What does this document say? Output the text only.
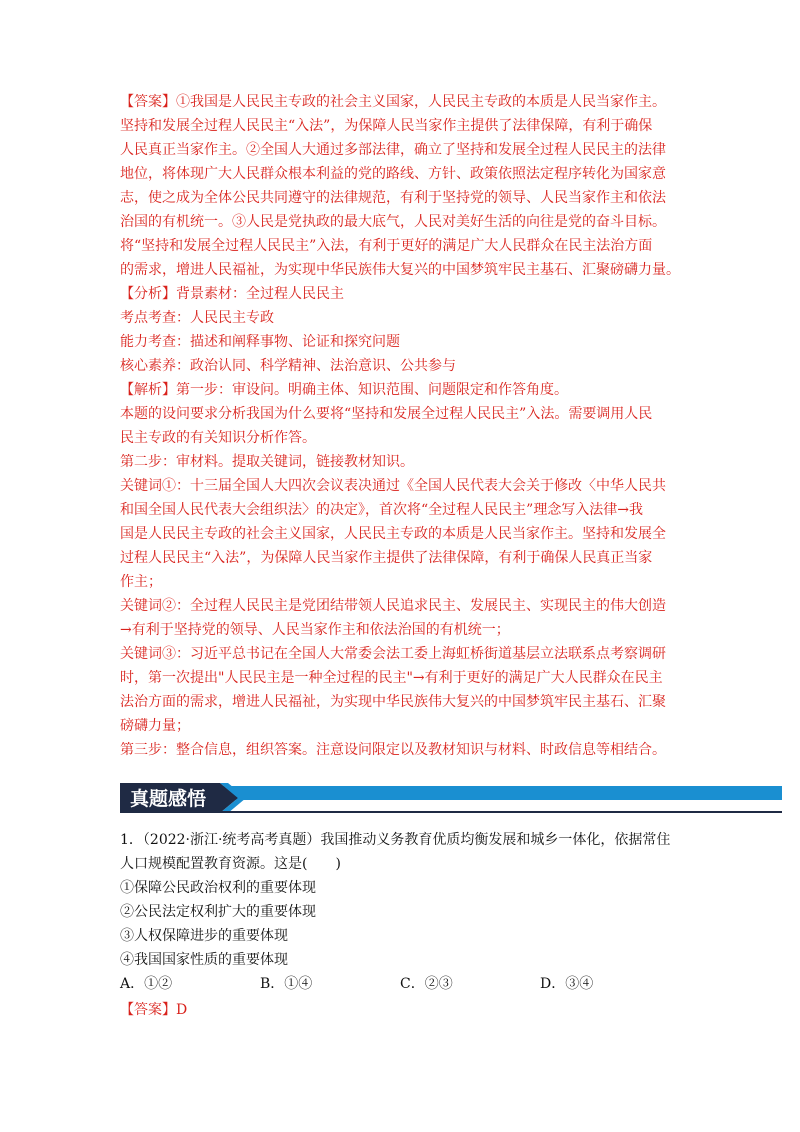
【答案】①我国是人民民主专政的社会主义国家，人民民主专政的本质是人民当家作主。
坚持和发展全过程人民民主“入法”，为保障人民当家作主提供了法律保障，有利于确保
人民真正当家作主。②全国人大通过多部法律，确立了坚持和发展全过程人民民主的法律
地位，将体现广大人民群众根本利益的党的路线、方针、政策依照法定程序转化为国家意
志，使之成为全体公民共同遵守的法律规范，有利于坚持党的领导、人民当家作主和依法
治国的有机统一。③人民是党执政的最大底气，人民对美好生活的向往是党的奋斗目标。
将“坚持和发展全过程人民民主”入法，有利于更好的满足广大人民群众在民主法治方面
的需求，增进人民福祉，为实现中华民族伟大复兴的中国梦筑牢民主基石、汇聚磅礴力量。
【分析】背景素材：全过程人民民主
考点考查：人民民主专政
能力考查：描述和阐释事物、论证和探究问题
核心素养：政治认同、科学精神、法治意识、公共参与
【解析】第一步：审设问。明确主体、知识范围、问题限定和作答角度。
本题的设问要求分析我国为什么要将“坚持和发展全过程人民民主”入法。需要调用人民
民主专政的有关知识分析作答。
第二步：审材料。提取关键词，链接教材知识。
关键词①：十三届全国人大四次会议表决通过《全国人民代表大会关于修改〈中华人民共
和国全国人民代表大会组织法〉的决定》，首次将“全过程人民民主”理念写入法律→我
国是人民民主专政的社会主义国家，人民民主专政的本质是人民当家作主。坚持和发展全
过程人民民主“入法”，为保障人民当家作主提供了法律保障，有利于确保人民真正当家
作主；
关键词②：全过程人民民主是党团结带领人民追求民主、发展民主、实现民主的伟大创造
→有利于坚持党的领导、人民当家作主和依法治国的有机统一；
关键词③：习近平总书记在全国人大常委会法工委上海虹桥街道基层立法联系点考察调研
时，第一次提出"人民民主是一种全过程的民主"→有利于更好的满足广大人民群众在民主
法治方面的需求，增进人民福祉，为实现中华民族伟大复兴的中国梦筑牢民主基石、汇聚
磅礴力量；
第三步：整合信息，组织答案。注意设问限定以及教材知识与材料、时政信息等相结合。
真题感悟
1．（2022·浙江·统考高考真题）我国推动义务教育优质均衡发展和城乡一体化，依据常住
人口规模配置教育资源。这是(　　)
①保障公民政治权利的重要体现
②公民法定权利扩大的重要体现
③人权保障进步的重要体现
④我国国家性质的重要体现
A．①②	B．①④	C．②③	D．③④
【答案】D
